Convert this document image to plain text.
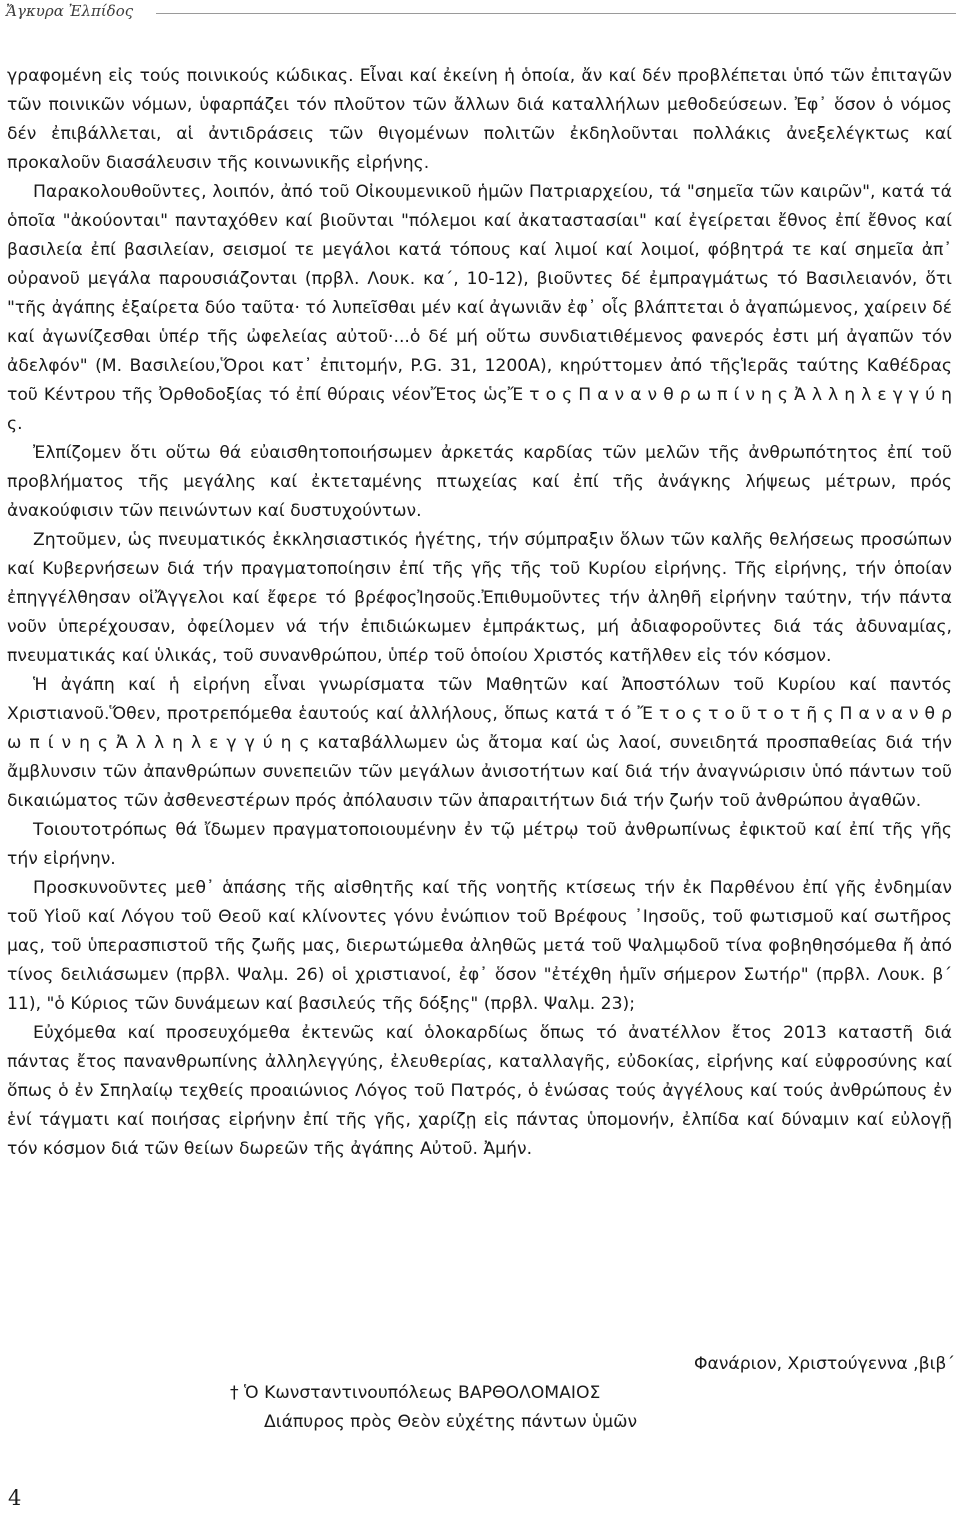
Ἄγκυρα Ἐλπίδος

γραφομένη εἰς τούς ποινικούς κώδικας. Εἶναι καί ἐκείνη ἡ ὁποία, ἄν καί δέν προβλέπεται ὑπό τῶν ἐπιταγῶν τῶν ποινικῶν νόμων, ὑφαρπάζει τόν πλοῦτον τῶν ἄλλων διά καταλλήλων μεθοδεύσεων. Ἐφ᾽ ὅσον ὁ νόμος δέν ἐπιβάλλεται, αἱ ἀντιδράσεις τῶν θιγομένων πολιτῶν ἐκδηλοῦνται πολλάκις ἀνεξελέγκτως καί προκαλοῦν διασάλευσιν τῆς κοινωνικῆς εἰρήνης.

Παρακολουθοῦντες, λοιπόν, ἀπό τοῦ Οἰκουμενικοῦ ἡμῶν Πατριαρχείου, τά "σημεῖα τῶν καιρῶν", κατά τά ὁποῖα "ἀκούονται" πανταχόθεν καί βιοῦνται "πόλεμοι καί ἀκαταστασίαι" καί ἐγείρεται ἔθνος ἐπί ἔθνος καί βασιλεία ἐπί βασιλείαν, σεισμοί τε μεγάλοι κατά τόπους καί λιμοί καί λοιμοί, φόβητρά τε καί σημεῖα ἀπ᾽ οὐρανοῦ μεγάλα παρουσιάζονται (πρβλ. Λουκ. κα΄, 10-12), βιοῦντες δέ ἐμπραγμάτως τό Βασιλειανόν, ὅτι "τῆς ἀγάπης ἐξαίρετα δύο ταῦτα· τό λυπεῖσθαι μέν καί ἀγωνιᾶν ἐφ᾽ οἷς βλάπτεται ὁ ἀγαπώμενος, χαίρειν δέ καί ἀγωνίζεσθαι ὑπέρ τῆς ὠφελείας αὐτοῦ·...ὁ δέ μή οὕτω συνδιατιθέμενος φανερός ἐστι μή ἀγαπῶν τόν ἀδελφόν" (Μ. Βασιλείου,Ὅροι κατ᾽ ἐπιτομήν, P.G. 31, 1200A), κηρύττομεν ἀπό τῆςἹερᾶς ταύτης Καθέδρας τοῦ Κέντρου τῆς Ὀρθοδοξίας τό ἐπί θύραις νέονἜτος ὡςἜ τ ο ς Π α ν α ν θ ρ ω π ί ν η ς Ἀ λ λ η λ ε γ γ ύ η ς.

Ἐλπίζομεν ὅτι οὕτω θά εὐαισθητοποιήσωμεν ἀρκετάς καρδίας τῶν μελῶν τῆς ἀνθρωπότητος ἐπί τοῦ προβλήματος τῆς μεγάλης καί ἐκτεταμένης πτωχείας καί ἐπί τῆς ἀνάγκης λήψεως μέτρων, πρός ἀνακούφισιν τῶν πεινώντων καί δυστυχούντων.

Ζητοῦμεν, ὡς πνευματικός ἐκκλησιαστικός ἡγέτης, τήν σύμπραξιν ὅλων τῶν καλῆς θελήσεως προσώπων καί Κυβερνήσεων διά τήν πραγματοποίησιν ἐπί τῆς γῆς τῆς τοῦ Κυρίου εἰρήνης. Τῆς εἰρήνης, τήν ὁποίαν ἐπηγγέλθησαν οἱἌγγελοι καί ἔφερε τό βρέφοςἸησοῦς.Ἐπιθυμοῦντες τήν ἀληθῆ εἰρήνην ταύτην, τήν πάντα νοῦν ὑπερέχουσαν, ὀφείλομεν νά τήν ἐπιδιώκωμεν ἐμπράκτως, μή ἀδιαφοροῦντες διά τάς ἀδυναμίας, πνευματικάς καί ὑλικάς, τοῦ συνανθρώπου, ὑπέρ τοῦ ὁποίου Χριστός κατῆλθεν εἰς τόν κόσμον.

Ἡ ἀγάπη καί ἡ εἰρήνη εἶναι γνωρίσματα τῶν Μαθητῶν καί Ἀποστόλων τοῦ Κυρίου καί παντός Χριστιανοῦ.Ὅθεν, προτρεπόμεθα ἑαυτούς καί ἀλλήλους, ὅπως κατά τ ό Ἔ τ ο ς τ ο ῦ τ ο τ ῆ ς Π α ν α ν θ ρ ω π ί ν η ς Ἀ λ λ η λ ε γ γ ύ η ς καταβάλλωμεν ὡς ἄτομα καί ὡς λαοί, συνειδητά προσπαθείας διά τήν ἄμβλυνσιν τῶν ἀπανθρώπων συνεπειῶν τῶν μεγάλων ἀνισοτήτων καί διά τήν ἀναγνώρισιν ὑπό πάντων τοῦ δικαιώματος τῶν ἀσθενεστέρων πρός ἀπόλαυσιν τῶν ἀπαραιτήτων διά τήν ζωήν τοῦ ἀνθρώπου ἀγαθῶν.

Τοιουτοτρόπως θά ἴδωμεν πραγματοποιουμένην ἐν τῷ μέτρῳ τοῦ ἀνθρωπίνως ἐφικτοῦ καί ἐπί τῆς γῆς τήν εἰρήνην.

Προσκυνοῦντες μεθ᾽ ἁπάσης τῆς αἰσθητῆς καί τῆς νοητῆς κτίσεως τήν ἐκ Παρθένου ἐπί γῆς ἐνδημίαν τοῦ Υἱοῦ καί Λόγου τοῦ Θεοῦ καί κλίνοντες γόνυ ἐνώπιον τοῦ Βρέφους ᾽Ιησοῦς, τοῦ φωτισμοῦ καί σωτῆρος μας, τοῦ ὑπερασπιστοῦ τῆς ζωῆς μας, διερωτώμεθα ἀληθῶς μετά τοῦ Ψαλμῳδοῦ τίνα φοβηθησόμεθα ἤ ἀπό τίνος δειλιάσωμεν (πρβλ. Ψαλμ. 26) οἱ χριστιανοί, ἐφ᾽ ὅσον "ἐτέχθη ἡμῖν σήμερον Σωτήρ" (πρβλ. Λουκ. β΄ 11), "ὁ Κύριος τῶν δυνάμεων καί βασιλεύς τῆς δόξης" (πρβλ. Ψαλμ. 23);

Εὐχόμεθα καί προσευχόμεθα ἐκτενῶς καί ὁλοκαρδίως ὅπως τό ἀνατέλλον ἔτος 2013 καταστῆ διά πάντας ἔτος πανανθρωπίνης ἀλληλεγγύης, ἐλευθερίας, καταλλαγῆς, εὐδοκίας, εἰρήνης καί εὐφροσύνης καί ὅπως ὁ ἐν Σπηλαίῳ τεχθείς προαιώνιος Λόγος τοῦ Πατρός, ὁ ἑνώσας τούς ἀγγέλους καί τούς ἀνθρώπους ἐν ἑνί τάγματι καί ποιήσας εἰρήνην ἐπί τῆς γῆς, χαρίζῃ εἰς πάντας ὑπομονήν, ἐλπίδα καί δύναμιν καί εὐλογῇ τόν κόσμον διά τῶν θείων δωρεῶν τῆς ἀγάπης Αὐτοῦ. Ἀμήν.

Φανάριον, Χριστούγεννα ,βιβ΄
† Ὁ Κωνσταντινουπόλεως ΒΑΡΘΟΛΟΜΑΙΟΣ
Διάπυρος πρὸς Θεὸν εὐχέτης πάντων ὑμῶν
4
